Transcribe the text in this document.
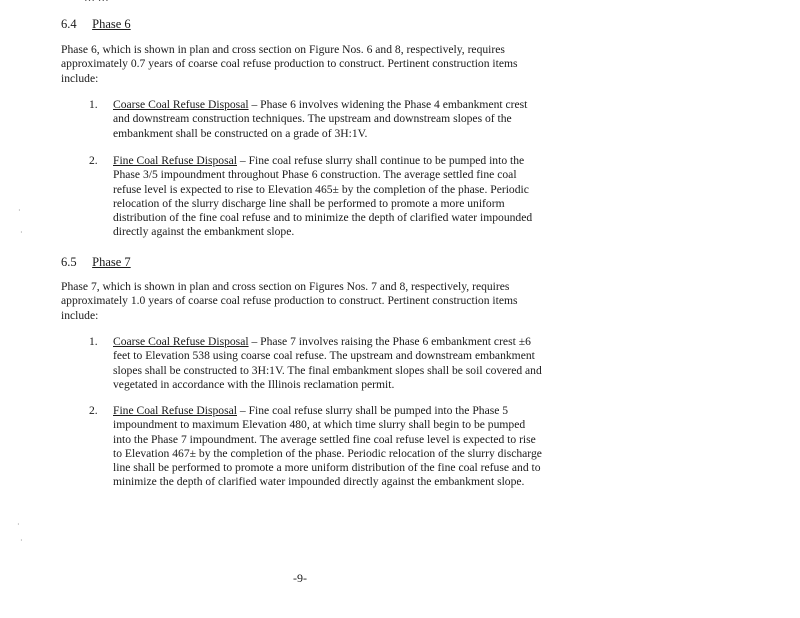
6.4 Phase 6
Phase 6, which is shown in plan and cross section on Figure Nos. 6 and 8, respectively, requires approximately 0.7 years of coarse coal refuse production to construct. Pertinent construction items include:
1. Coarse Coal Refuse Disposal – Phase 6 involves widening the Phase 4 embankment crest and downstream construction techniques. The upstream and downstream slopes of the embankment shall be constructed on a grade of 3H:1V.
2. Fine Coal Refuse Disposal – Fine coal refuse slurry shall continue to be pumped into the Phase 3/5 impoundment throughout Phase 6 construction. The average settled fine coal refuse level is expected to rise to Elevation 465± by the completion of the phase. Periodic relocation of the slurry discharge line shall be performed to promote a more uniform distribution of the fine coal refuse and to minimize the depth of clarified water impounded directly against the embankment slope.
6.5 Phase 7
Phase 7, which is shown in plan and cross section on Figures Nos. 7 and 8, respectively, requires approximately 1.0 years of coarse coal refuse production to construct. Pertinent construction items include:
1. Coarse Coal Refuse Disposal – Phase 7 involves raising the Phase 6 embankment crest ±6 feet to Elevation 538 using coarse coal refuse. The upstream and downstream embankment slopes shall be constructed to 3H:1V. The final embankment slopes shall be soil covered and vegetated in accordance with the Illinois reclamation permit.
2. Fine Coal Refuse Disposal – Fine coal refuse slurry shall be pumped into the Phase 5 impoundment to maximum Elevation 480, at which time slurry shall begin to be pumped into the Phase 7 impoundment. The average settled fine coal refuse level is expected to rise to Elevation 467± by the completion of the phase. Periodic relocation of the slurry discharge line shall be performed to promote a more uniform distribution of the fine coal refuse and to minimize the depth of clarified water impounded directly against the embankment slope.
·
·
·
·
-9-
